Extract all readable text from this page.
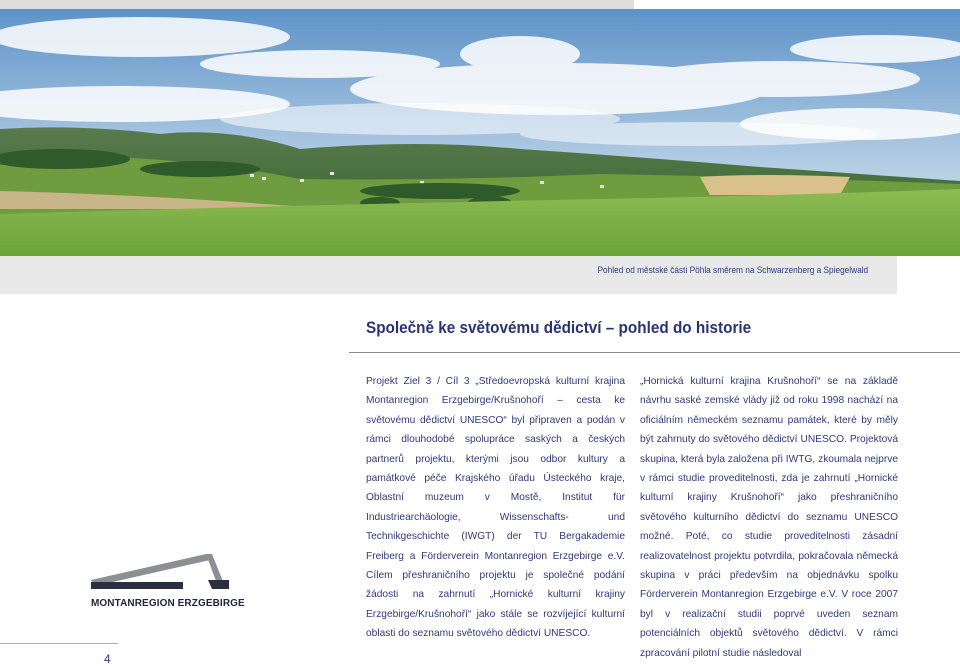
Pohled od městské části Pöhla směrem na Schwarzenberg a Spiegelwald
Společně ke světovému dědictví – pohled do historie

Projekt Ziel 3 / Cíl 3 „Středoevropská kulturní krajina Montanregion Erzgebirge/Krušnohoří – cesta ke světovému dědictví UNESCO“ byl připraven a podán v rámci dlouhodobé spolupráce saských a českých partnerů projektu, kterými jsou odbor kultury a památkové péče Krajského úřadu Ústeckého kraje, Oblastní muzeum v Mostě, Institut für Industriearchäologie, Wissenschafts- und Technikgeschichte (IWGT) der TU Bergakademie Freiberg a Förderverein Montanregion Erzgebirge e.V. Cílem přeshraničního projektu je společné podání žádosti na zahrnutí „Hornické kulturní krajiny Erzgebirge/Krušnohoří“ jako stále se rozvíjející kulturní oblasti do seznamu světového dědictví UNESCO.

„Hornická kulturní krajina Krušnohoří“ se na základě návrhu saské zemské vlády již od roku 1998 nachází na oficiálním německém seznamu památek, které by měly být zahrnuty do světového dědictví UNESCO. Projektová skupina, která byla založena při IWTG, zkoumala nejprve v rámci studie proveditelnosti, zda je zahrnutí „Hornické kulturní krajiny Krušnohoří“ jako přeshraničního světového kulturního dědictví do seznamu UNESCO možné. Poté, co studie proveditelnosti zásadní realizovatelnost projektu potvrdila, pokračovala německá skupina v práci především na objednávku spolku Förderverein Montanregion Erzgebirge e.V. V roce 2007 byl v realizační studii poprvé uveden seznam potenciálních objektů světového dědictví. V rámci zpracování pilotní studie následoval

MONTANREGION ERZGEBIRGE
4
